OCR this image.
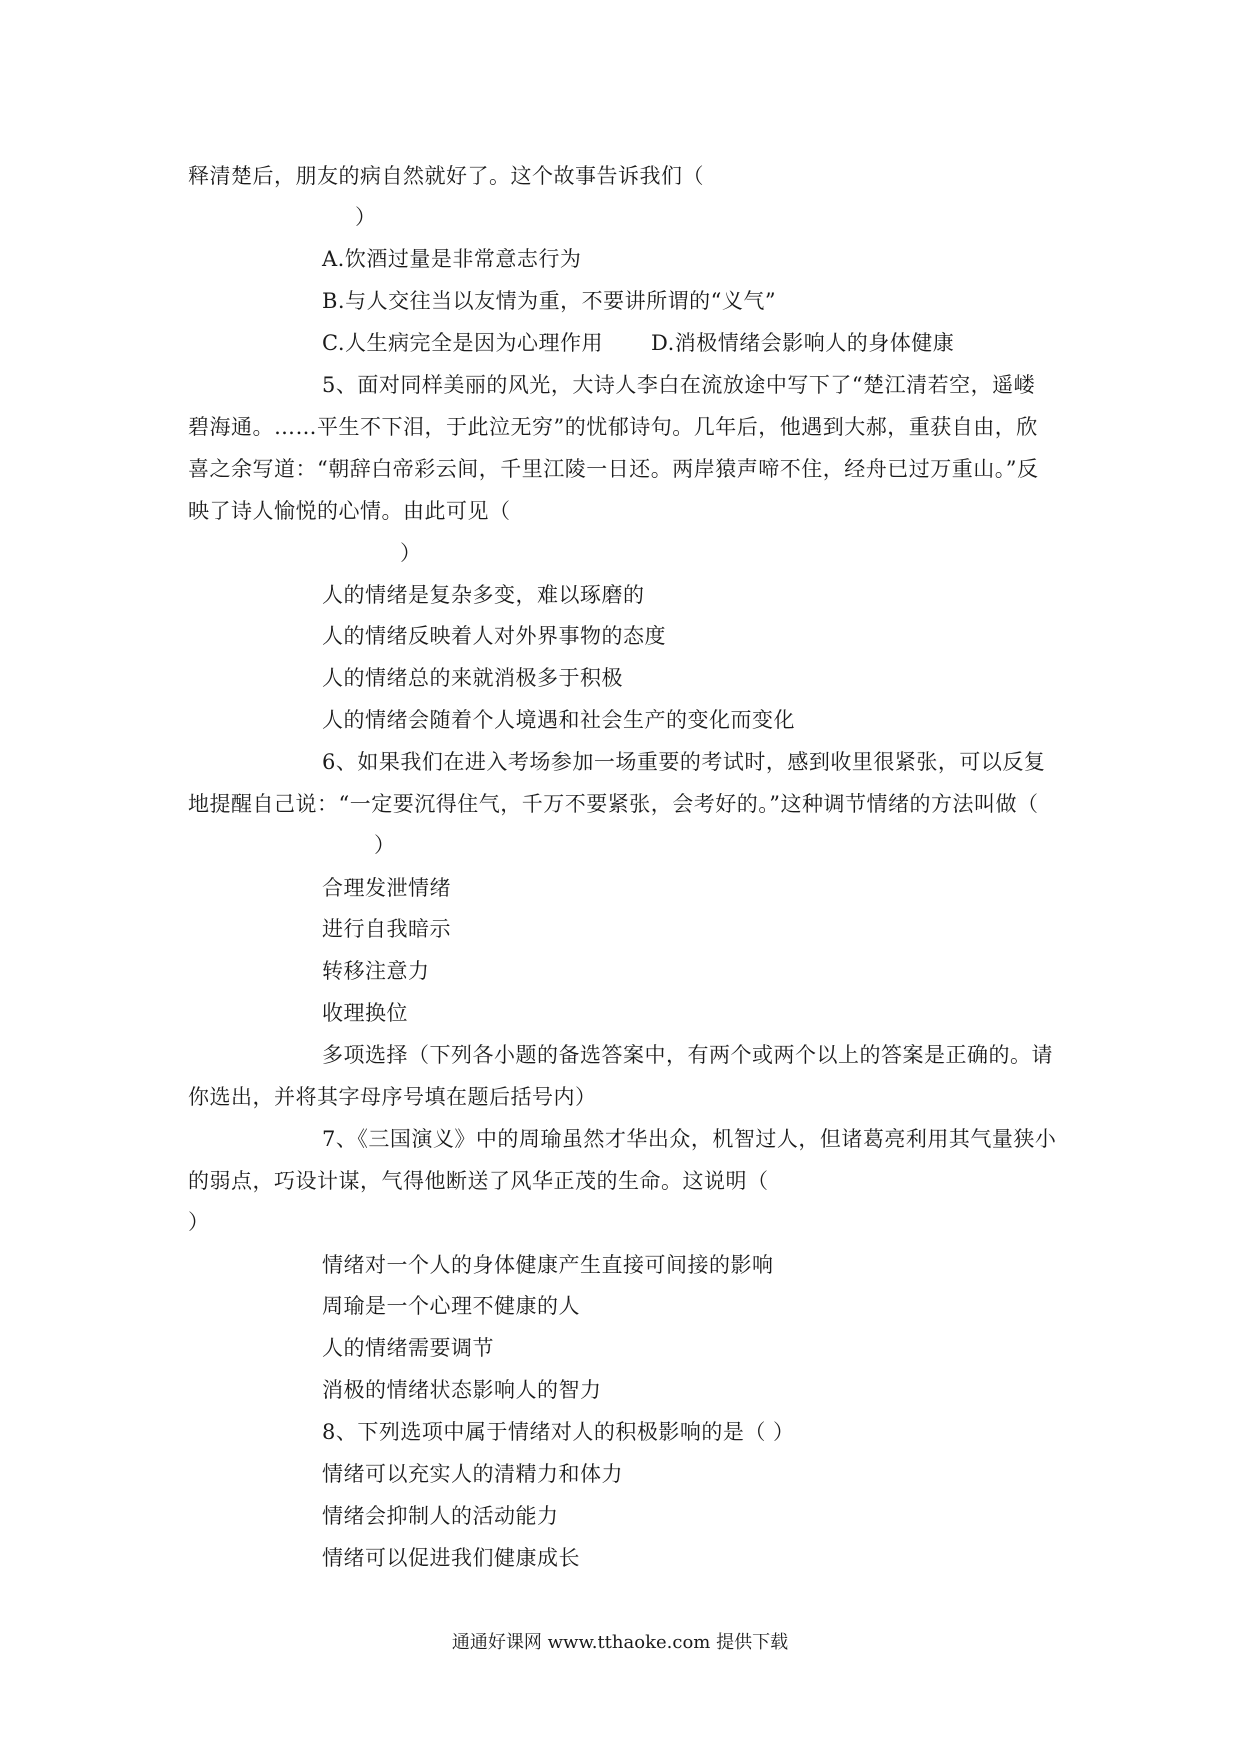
释清楚后，朋友的病自然就好了。这个故事告诉我们（
）
A.饮酒过量是非常意志行为
B.与人交往当以友情为重，不要讲所谓的“义气”
C.人生病完全是因为心理作用 D.消极情绪会影响人的身体健康
5、面对同样美丽的风光，大诗人李白在流放途中写下了“楚江清若空，遥嵝
碧海通。……平生不下泪，于此泣无穷”的忧郁诗句。几年后，他遇到大郝，重获自由，欣
喜之余写道：“朝辞白帝彩云间，千里江陵一日还。两岸猿声啼不住，经舟已过万重山。”反
映了诗人愉悦的心情。由此可见（
）
人的情绪是复杂多变，难以琢磨的
人的情绪反映着人对外界事物的态度
人的情绪总的来就消极多于积极
人的情绪会随着个人境遇和社会生产的变化而变化
6、如果我们在进入考场参加一场重要的考试时，感到收里很紧张，可以反复
地提醒自己说：“一定要沉得住气，千万不要紧张，会考好的。”这种调节情绪的方法叫做（
）
合理发泄情绪
进行自我暗示
转移注意力
收理换位
多项选择（下列各小题的备选答案中，有两个或两个以上的答案是正确的。请
你选出，并将其字母序号填在题后括号内）
7、《三国演义》中的周瑜虽然才华出众，机智过人，但诸葛亮利用其气量狭小
的弱点，巧设计谋，气得他断送了风华正茂的生命。这说明（
）
情绪对一个人的身体健康产生直接可间接的影响
周瑜是一个心理不健康的人
人的情绪需要调节
消极的情绪状态影响人的智力
8、下列选项中属于情绪对人的积极影响的是（ ）
情绪可以充实人的清精力和体力
情绪会抑制人的活动能力
情绪可以促进我们健康成长
通通好课网 www.tthaoke.com 提供下载
